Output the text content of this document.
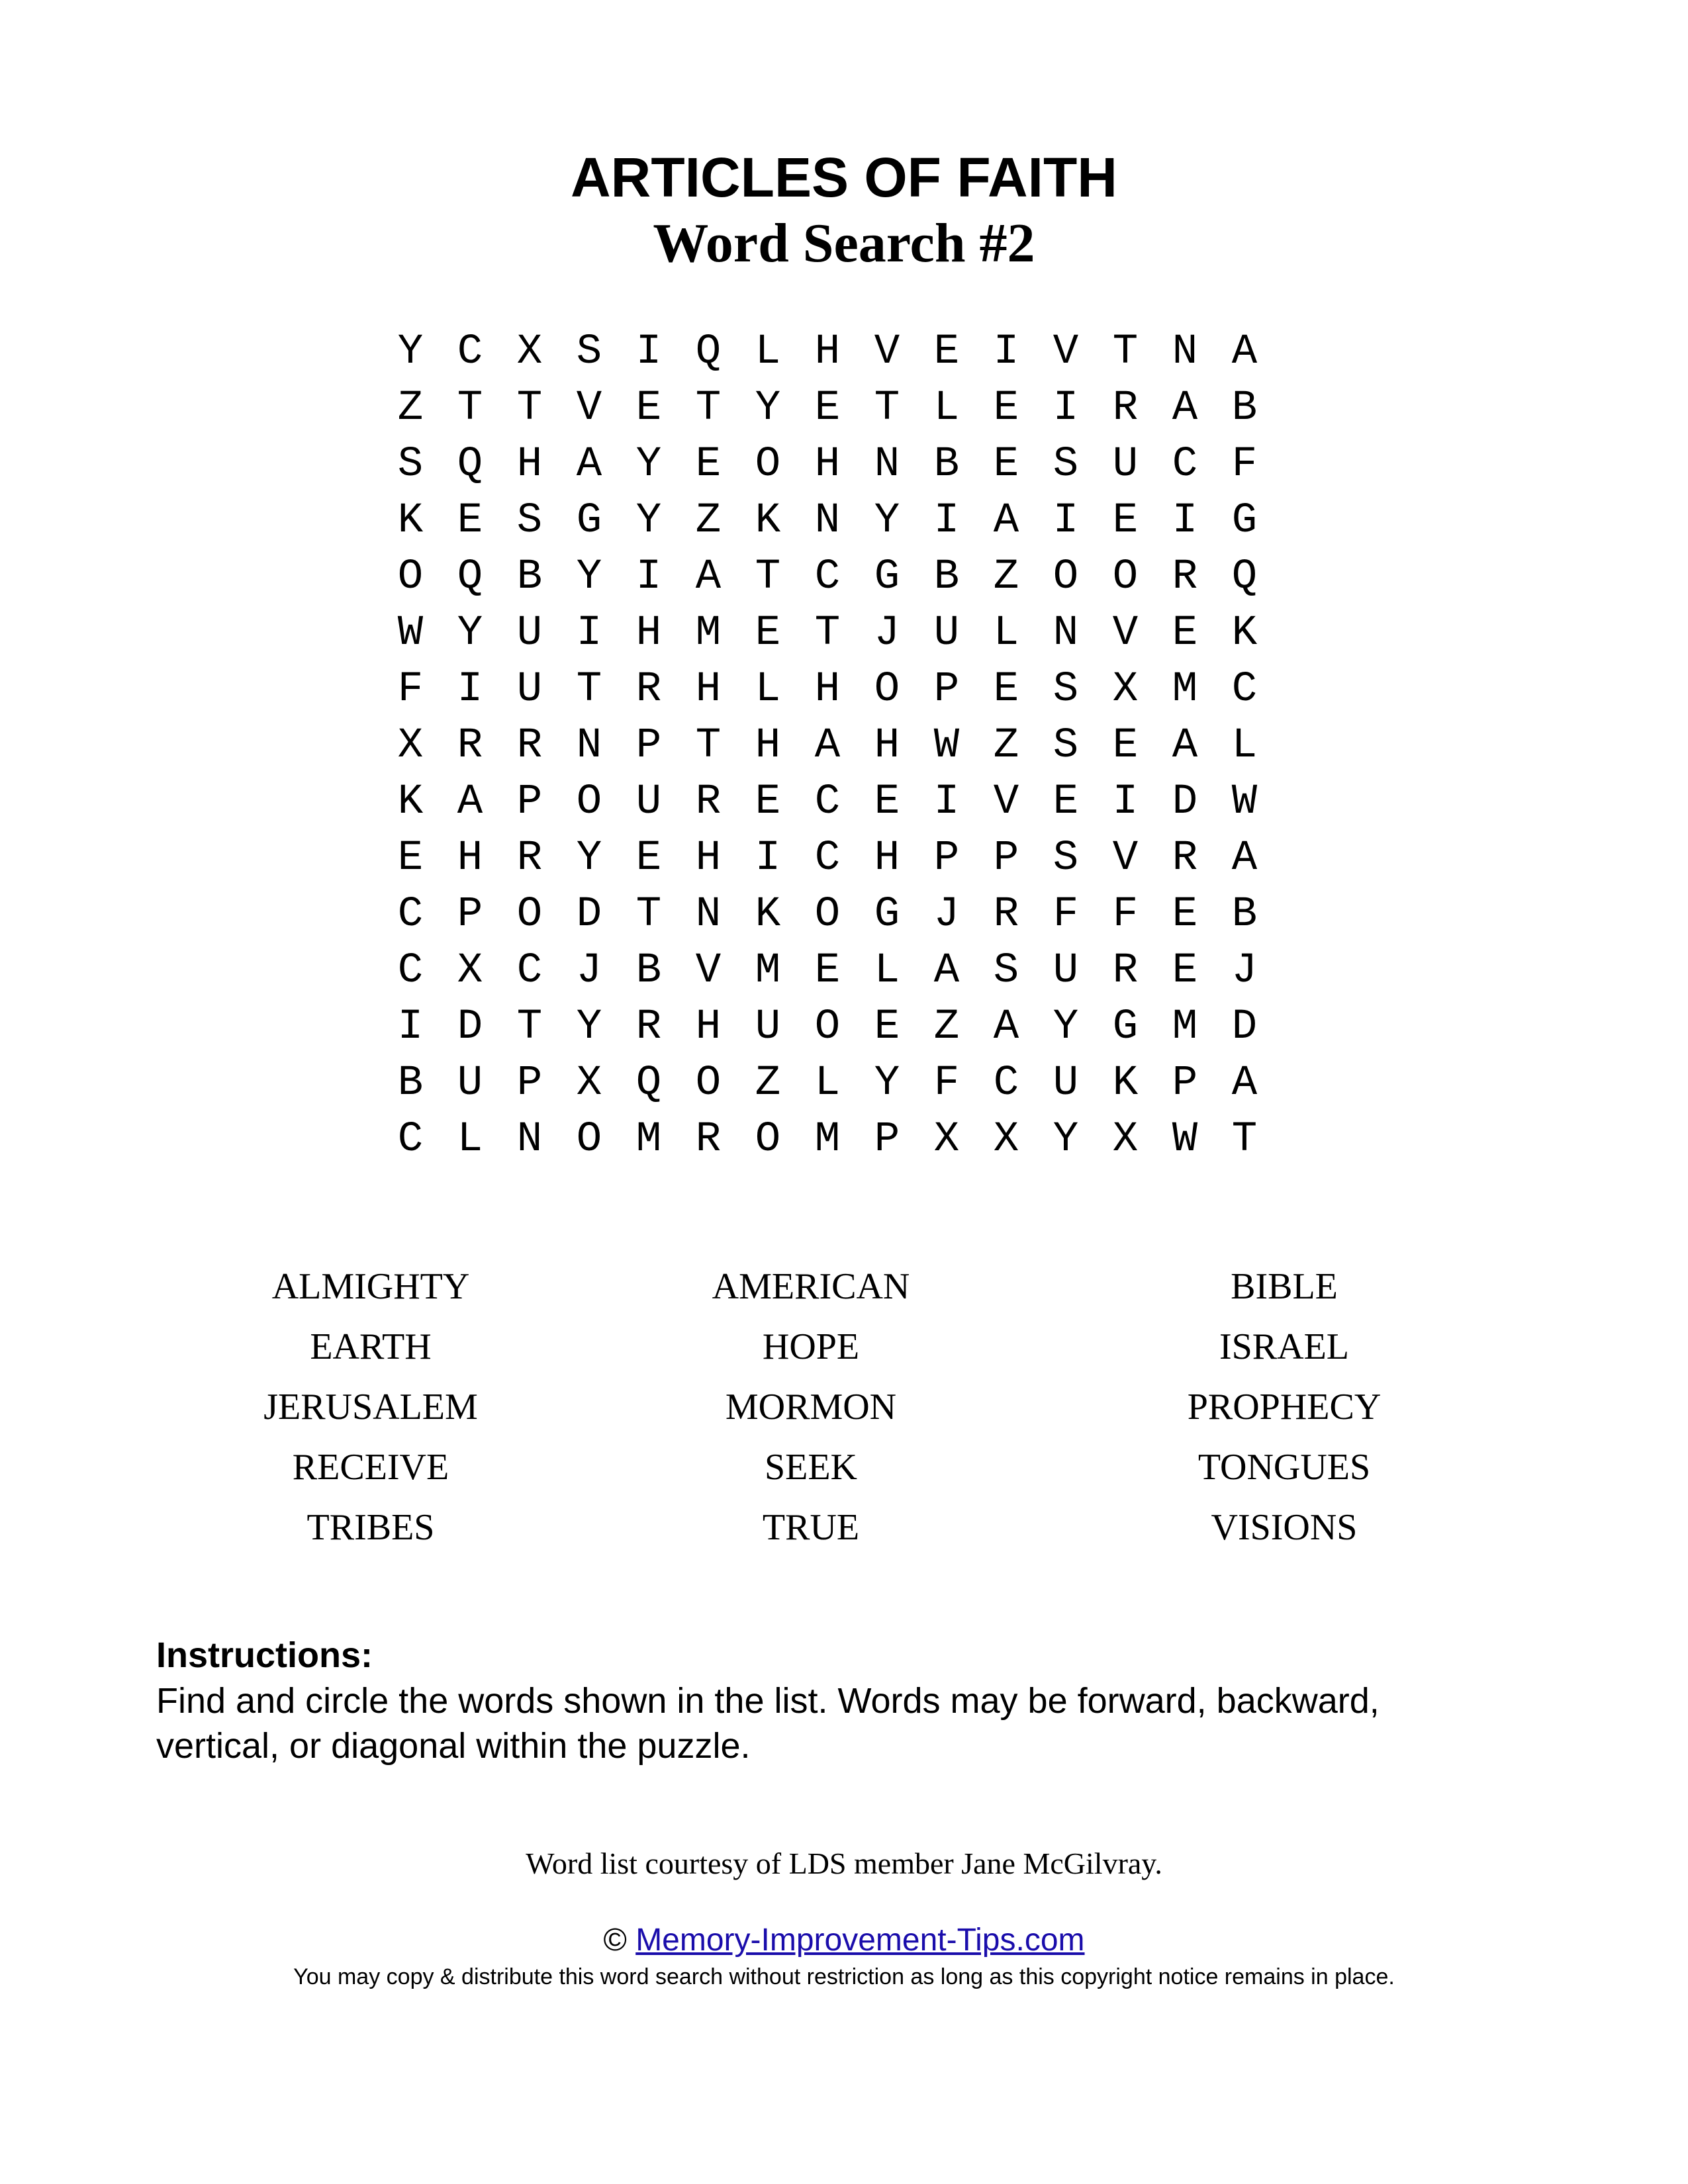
ARTICLES OF FAITH
Word Search #2
Y C X S I Q L H V E I V T N A
Z T T V E T Y E T L E I R A B
S Q H A Y E O H N B E S U C F
K E S G Y Z K N Y I A I E I G
O Q B Y I A T C G B Z O O R Q
W Y U I H M E T J U L N V E K
F I U T R H L H O P E S X M C
X R R N P T H A H W Z S E A L
K A P O U R E C E I V E I D W
E H R Y E H I C H P P S V R A
C P O D T N K O G J R F F E B
C X C J B V M E L A S U R E J
I D T Y R H U O E Z A Y G M D
B U P X Q O Z L Y F C U K P A
C L N O M R O M P X X Y X W T
ALMIGHTY	AMERICAN	BIBLE
EARTH	HOPE	ISRAEL
JERUSALEM	MORMON	PROPHECY
RECEIVE	SEEK	TONGUES
TRIBES	TRUE	VISIONS
Instructions:
Find and circle the words shown in the list. Words may be forward, backward,
vertical, or diagonal within the puzzle.
Word list courtesy of LDS member Jane McGilvray.
© Memory-Improvement-Tips.com
You may copy & distribute this word search without restriction as long as this copyright notice remains in place.
